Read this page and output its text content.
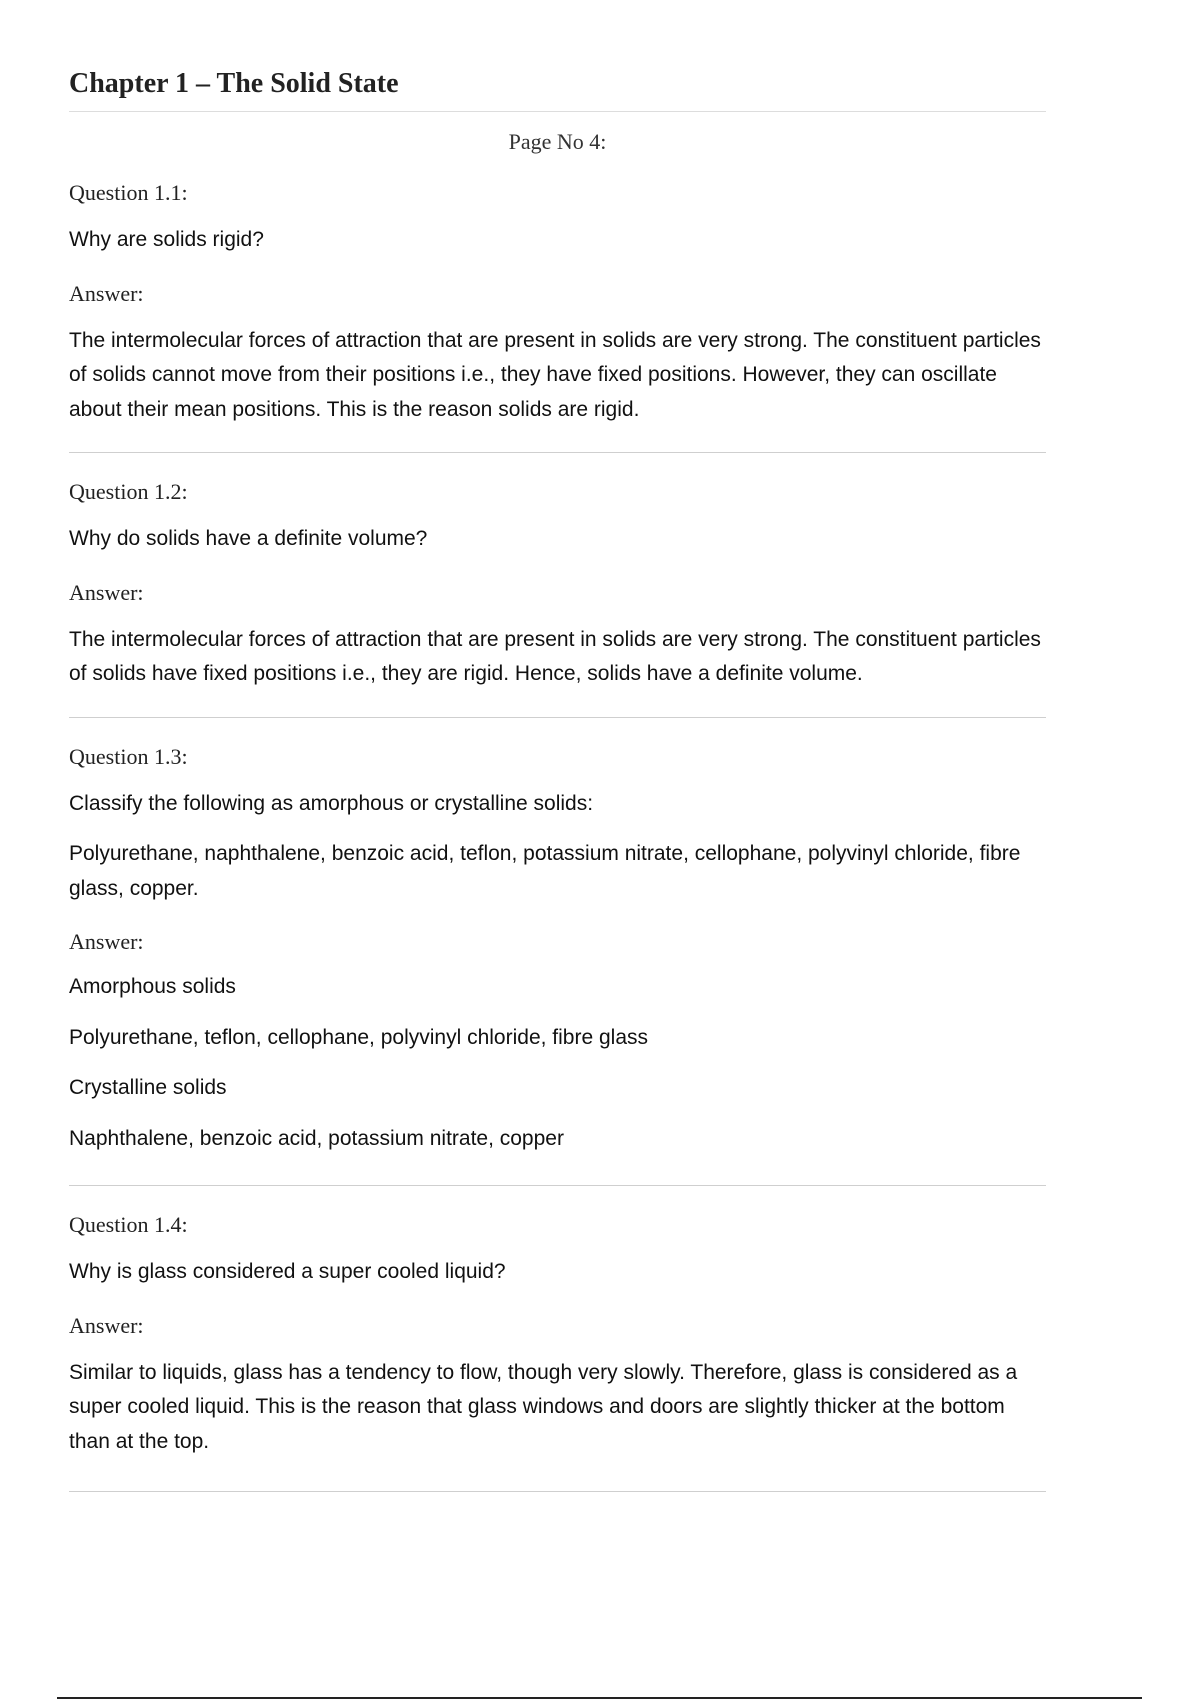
Chapter 1 – The Solid State

Page No 4:

Question 1.1:

Why are solids rigid?

Answer:

The intermolecular forces of attraction that are present in solids are very strong. The constituent particles of solids cannot move from their positions i.e., they have fixed positions. However, they can oscillate about their mean positions. This is the reason solids are rigid.

Question 1.2:

Why do solids have a definite volume?

Answer:

The intermolecular forces of attraction that are present in solids are very strong. The constituent particles of solids have fixed positions i.e., they are rigid. Hence, solids have a definite volume.

Question 1.3:

Classify the following as amorphous or crystalline solids:

Polyurethane, naphthalene, benzoic acid, teflon, potassium nitrate, cellophane, polyvinyl chloride, fibre glass, copper.

Answer:

Amorphous solids

Polyurethane, teflon, cellophane, polyvinyl chloride, fibre glass

Crystalline solids

Naphthalene, benzoic acid, potassium nitrate, copper

Question 1.4:

Why is glass considered a super cooled liquid?

Answer:

Similar to liquids, glass has a tendency to flow, though very slowly. Therefore, glass is considered as a super cooled liquid. This is the reason that glass windows and doors are slightly thicker at the bottom than at the top.
